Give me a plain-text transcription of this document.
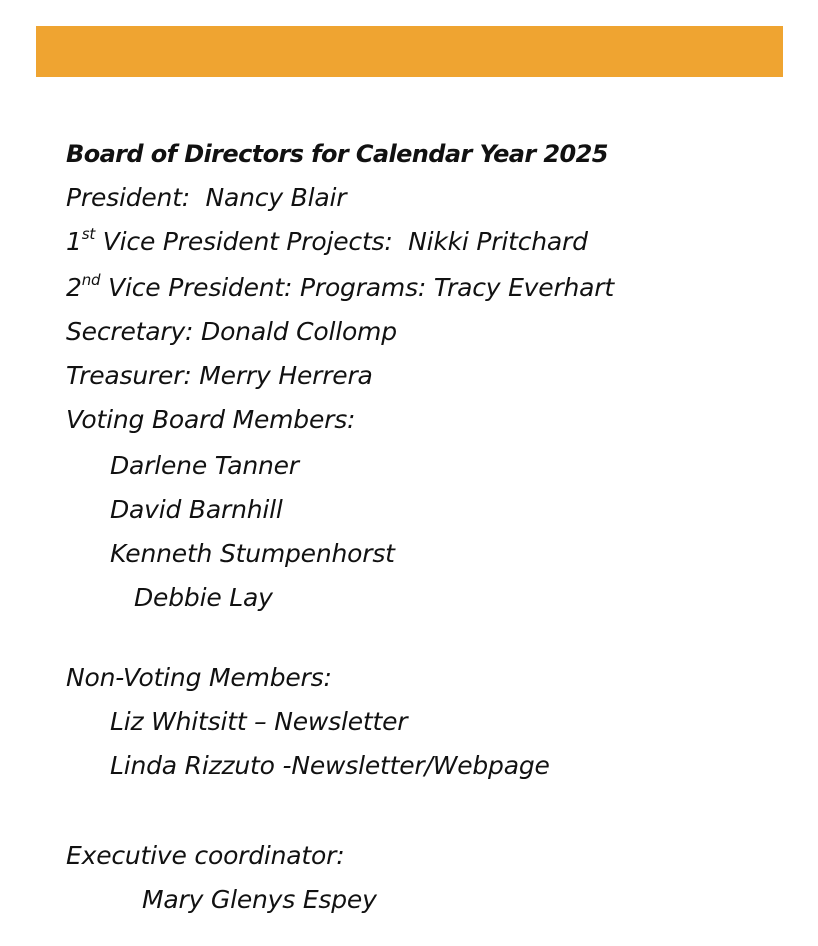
Board of Directors for Calendar Year 2025
President: Nancy Blair
1st Vice President Projects: Nikki Pritchard
2nd Vice President: Programs: Tracy Everhart
Secretary: Donald Collomp
Treasurer: Merry Herrera
Voting Board Members:
Darlene Tanner
David Barnhill
Kenneth Stumpenhorst
Debbie Lay
Non-Voting Members:
Liz Whitsitt – Newsletter
Linda Rizzuto -Newsletter/Webpage
Executive coordinator:
Mary Glenys Espey
